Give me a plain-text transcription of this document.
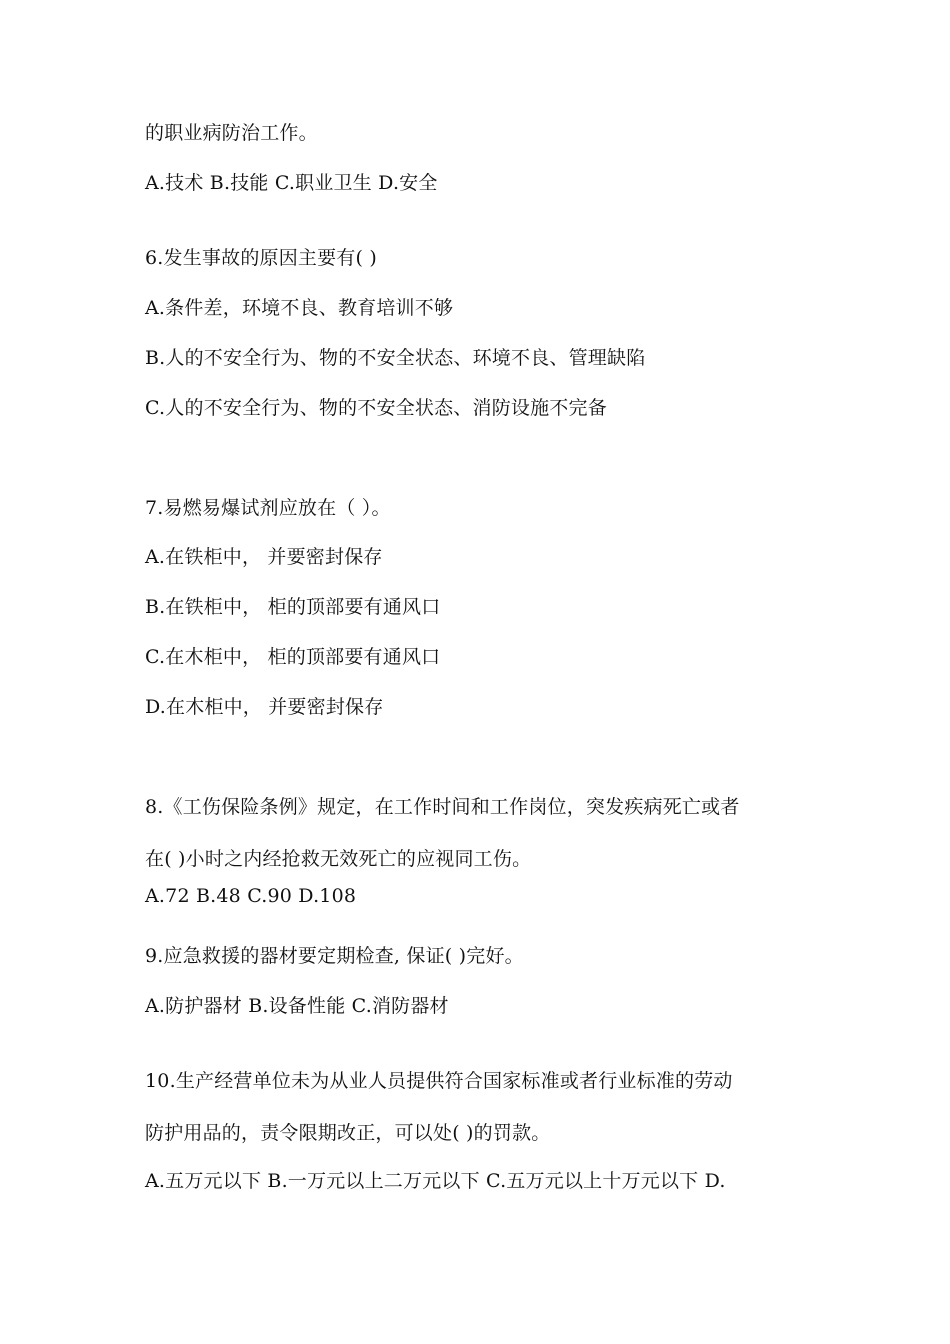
的职业病防治工作。
A.技术 B.技能 C.职业卫生 D.安全
6.发生事故的原因主要有( )
A.条件差，环境不良、教育培训不够
B.人的不安全行为、物的不安全状态、环境不良、管理缺陷
C.人的不安全行为、物的不安全状态、消防设施不完备
7.易燃易爆试剂应放在（ ）。
A.在铁柜中， 并要密封保存
B.在铁柜中， 柜的顶部要有通风口
C.在木柜中， 柜的顶部要有通风口
D.在木柜中， 并要密封保存
8.《工伤保险条例》规定，在工作时间和工作岗位，突发疾病死亡或者
在( )小时之内经抢救无效死亡的应视同工伤。
A.72 B.48 C.90 D.108
9.应急救援的器材要定期检查, 保证( )完好。
A.防护器材 B.设备性能 C.消防器材
10.生产经营单位未为从业人员提供符合国家标准或者行业标准的劳动
防护用品的，责令限期改正，可以处( )的罚款。
A.五万元以下 B.一万元以上二万元以下 C.五万元以上十万元以下 D.
